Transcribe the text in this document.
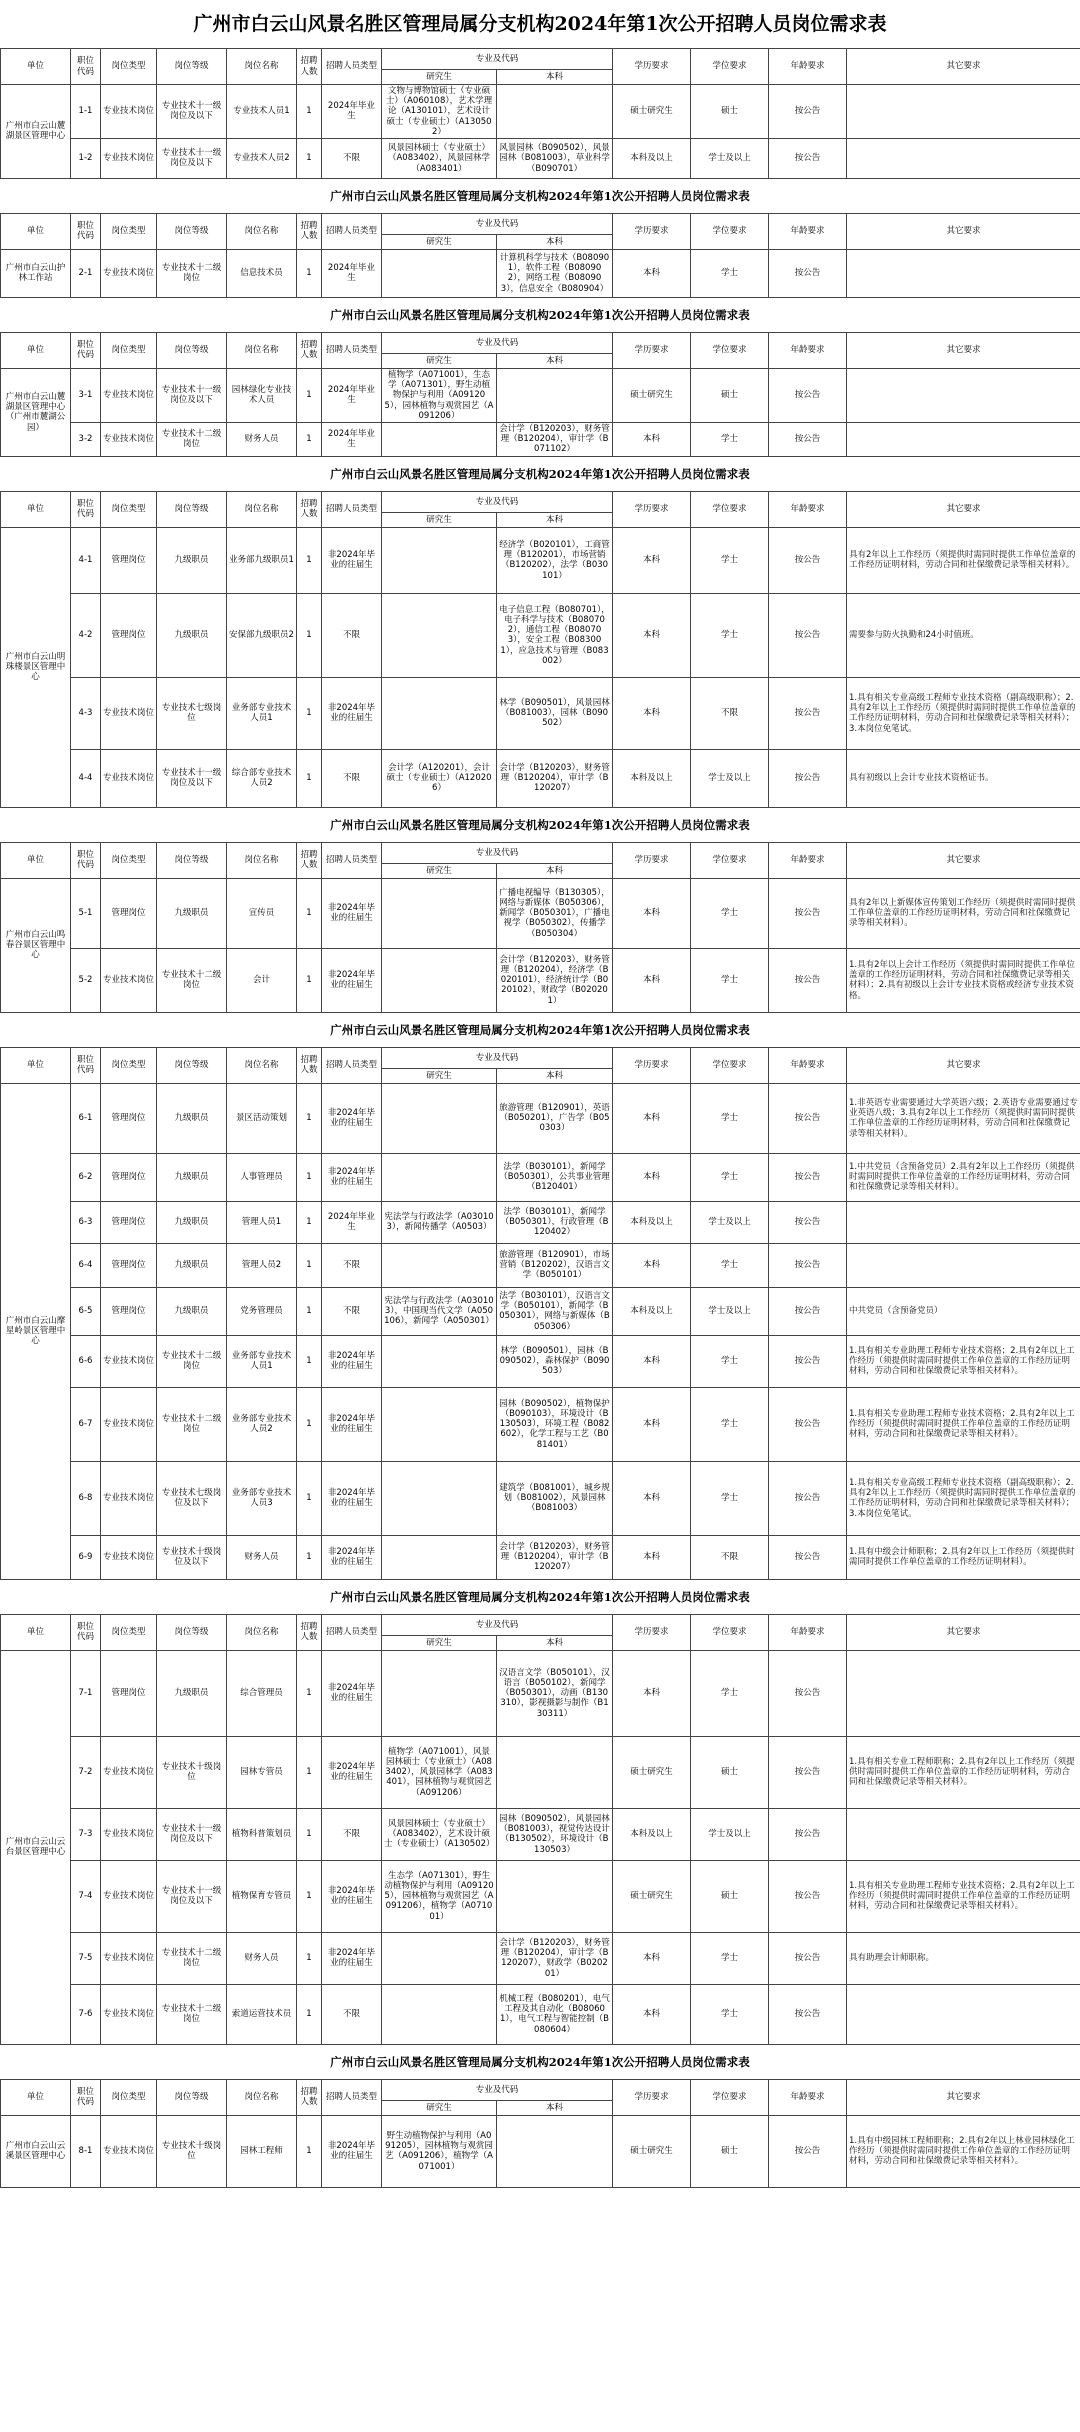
广州市白云山风景名胜区管理局属分支机构2024年第1次公开招聘人员岗位需求表
单位	职位代码	岗位类型	岗位等级	岗位名称	招聘人数	招聘人员类型	专业及代码		学历要求	学位要求	年龄要求	其它要求
							研究生	本科				
广州市白云山麓湖景区管理中心	1-1	专业技术岗位	专业技术十一级岗位及以下	专业技术人员1	1	2024年毕业生	文物与博物馆硕士（专业硕士）（A060108），艺术学理论（A130101），艺术设计硕士（专业硕士）（A130502）		硕士研究生	硕士	按公告	
	1-2	专业技术岗位	专业技术十一级岗位及以下	专业技术人员2	1	不限	风景园林硕士（专业硕士）（A083402），风景园林学（A083401）	风景园林（B090502），风景园林（B081003），草业科学（B090701）	本科及以上	学士及以上	按公告	
广州市白云山风景名胜区管理局属分支机构2024年第1次公开招聘人员岗位需求表
单位	职位代码	岗位类型	岗位等级	岗位名称	招聘人数	招聘人员类型	专业及代码		学历要求	学位要求	年龄要求	其它要求
							研究生	本科				
广州市白云山护林工作站	2-1	专业技术岗位	专业技术十二级岗位	信息技术员	1	2024年毕业生		计算机科学与技术（B080901），软件工程（B080902），网络工程（B080903），信息安全（B080904）	本科	学士	按公告	
广州市白云山风景名胜区管理局属分支机构2024年第1次公开招聘人员岗位需求表
单位	职位代码	岗位类型	岗位等级	岗位名称	招聘人数	招聘人员类型	专业及代码		学历要求	学位要求	年龄要求	其它要求
							研究生	本科				
广州市白云山麓湖景区管理中心（广州市麓湖公园）	3-1	专业技术岗位	专业技术十一级岗位及以下	园林绿化专业技术人员	1	2024年毕业生	植物学（A071001），生态学（A071301），野生动植物保护与利用（A091205），园林植物与观赏园艺（A091206）		硕士研究生	硕士	按公告	
	3-2	专业技术岗位	专业技术十二级岗位	财务人员	1	2024年毕业生		会计学（B120203），财务管理（B120204），审计学（B071102）	本科	学士	按公告	
广州市白云山风景名胜区管理局属分支机构2024年第1次公开招聘人员岗位需求表
单位	职位代码	岗位类型	岗位等级	岗位名称	招聘人数	招聘人员类型	专业及代码		学历要求	学位要求	年龄要求	其它要求
							研究生	本科				
广州市白云山明珠楼景区管理中心	4-1	管理岗位	九级职员	业务部九级职员1	1	非2024年毕业的往届生		经济学（B020101），工商管理（B120201），市场营销（B120202），法学（B030101）	本科	学士	按公告	具有2年以上工作经历（须提供时需同时提供工作单位盖章的工作经历证明材料，劳动合同和社保缴费记录等相关材料）。
	4-2	管理岗位	九级职员	安保部九级职员2	1	不限		电子信息工程（B080701），电子科学与技术（B080702），通信工程（B080703），安全工程（B083001），应急技术与管理（B083002）	本科	学士	按公告	需要参与防火执勤和24小时值班。
	4-3	专业技术岗位	专业技术七级岗位	业务部专业技术人员1	1	非2024年毕业的往届生		林学（B090501），风景园林（B081003），园林（B090502）	本科	不限	按公告	1.具有相关专业高级工程师专业技术资格（副高级职称）；2.具有2年以上工作经历（须提供时需同时提供工作单位盖章的工作经历证明材料，劳动合同和社保缴费记录等相关材料）；3.本岗位免笔试。
	4-4	专业技术岗位	专业技术十一级岗位及以下	综合部专业技术人员2	1	不限	会计学（A120201），会计硕士（专业硕士）（A120206）	会计学（B120203），财务管理（B120204），审计学（B120207）	本科及以上	学士及以上	按公告	具有初级以上会计专业技术资格证书。
广州市白云山风景名胜区管理局属分支机构2024年第1次公开招聘人员岗位需求表
单位	职位代码	岗位类型	岗位等级	岗位名称	招聘人数	招聘人员类型	专业及代码		学历要求	学位要求	年龄要求	其它要求
							研究生	本科				
广州市白云山鸣春谷景区管理中心	5-1	管理岗位	九级职员	宣传员	1	非2024年毕业的往届生		广播电视编导（B130305），网络与新媒体（B050306），新闻学（B050301），广播电视学（B050302），传播学（B050304）	本科	学士	按公告	具有2年以上新媒体宣传策划工作经历（须提供时需同时提供工作单位盖章的工作经历证明材料，劳动合同和社保缴费记录等相关材料）。
	5-2	专业技术岗位	专业技术十二级岗位	会计	1	非2024年毕业的往届生		会计学（B120203），财务管理（B120204），经济学（B020101），经济统计学（B020102），财政学（B020201）	本科	学士	按公告	1.具有2年以上会计工作经历（须提供时需同时提供工作单位盖章的工作经历证明材料，劳动合同和社保缴费记录等相关材料）；2.具有初级以上会计专业技术资格或经济专业技术资格。
广州市白云山风景名胜区管理局属分支机构2024年第1次公开招聘人员岗位需求表
单位	职位代码	岗位类型	岗位等级	岗位名称	招聘人数	招聘人员类型	专业及代码		学历要求	学位要求	年龄要求	其它要求
							研究生	本科				
广州市白云山摩星岭景区管理中心	6-1	管理岗位	九级职员	景区活动策划	1	非2024年毕业的往届生		旅游管理（B120901），英语（B050201），广告学（B050303）	本科	学士	按公告	1.非英语专业需要通过大学英语六级；2.英语专业需要通过专业英语八级；3.具有2年以上工作经历（须提供时需同时提供工作单位盖章的工作经历证明材料，劳动合同和社保缴费记录等相关材料）。
	6-2	管理岗位	九级职员	人事管理员	1	非2024年毕业的往届生		法学（B030101），新闻学（B050301），公共事业管理（B120401）	本科	学士	按公告	1.中共党员（含预备党员）2.具有2年以上工作经历（须提供时需同时提供工作单位盖章的工作经历证明材料，劳动合同和社保缴费记录等相关材料）。
	6-3	管理岗位	九级职员	管理人员1	1	2024年毕业生	宪法学与行政法学（A030103），新闻传播学（A0503）	法学（B030101），新闻学（B050301），行政管理（B120402）	本科及以上	学士及以上	按公告	
	6-4	管理岗位	九级职员	管理人员2	1	不限		旅游管理（B120901），市场营销（B120202），汉语言文学（B050101）	本科	学士	按公告	
	6-5	管理岗位	九级职员	党务管理员	1	不限	宪法学与行政法学（A030103），中国现当代文学（A050106），新闻学（A050301）	法学（B030101），汉语言文学（B050101），新闻学（B050301），网络与新媒体（B050306）	本科及以上	学士及以上	按公告	中共党员（含预备党员）
	6-6	专业技术岗位	专业技术十二级岗位	业务部专业技术人员1	1	非2024年毕业的往届生		林学（B090501），园林（B090502），森林保护（B090503）	本科	学士	按公告	1.具有相关专业助理工程师专业技术资格；2.具有2年以上工作经历（须提供时需同时提供工作单位盖章的工作经历证明材料，劳动合同和社保缴费记录等相关材料）。
	6-7	专业技术岗位	专业技术十二级岗位	业务部专业技术人员2	1	非2024年毕业的往届生		园林（B090502），植物保护（B090103），环境设计（B130503），环境工程（B082602），化学工程与工艺（B081401）	本科	学士	按公告	1.具有相关专业助理工程师专业技术资格；2.具有2年以上工作经历（须提供时需同时提供工作单位盖章的工作经历证明材料，劳动合同和社保缴费记录等相关材料）。
	6-8	专业技术岗位	专业技术七级岗位及以下	业务部专业技术人员3	1	非2024年毕业的往届生		建筑学（B081001），城乡规划（B081002），风景园林（B081003）	本科	学士	按公告	1.具有相关专业高级工程师专业技术资格（副高级职称）；2.具有2年以上工作经历（须提供时需同时提供工作单位盖章的工作经历证明材料，劳动合同和社保缴费记录等相关材料）；3.本岗位免笔试。
	6-9	专业技术岗位	专业技术十级岗位及以下	财务人员	1	非2024年毕业的往届生		会计学（B120203），财务管理（B120204），审计学（B120207）	本科	不限	按公告	1.具有中级会计师职称；2.具有2年以上工作经历（须提供时需同时提供工作单位盖章的工作经历证明材料）。
广州市白云山风景名胜区管理局属分支机构2024年第1次公开招聘人员岗位需求表
单位	职位代码	岗位类型	岗位等级	岗位名称	招聘人数	招聘人员类型	专业及代码		学历要求	学位要求	年龄要求	其它要求
							研究生	本科				
广州市白云山云台景区管理中心	7-1	管理岗位	九级职员	综合管理员	1	非2024年毕业的往届生		汉语言文学（B050101），汉语言（B050102），新闻学（B050301），动画（B130310），影视摄影与制作（B130311）	本科	学士	按公告	
	7-2	专业技术岗位	专业技术十级岗位	园林专管员	1	非2024年毕业的往届生	植物学（A071001），风景园林硕士（专业硕士）（A083402），风景园林学（A083401），园林植物与观赏园艺（A091206）		硕士研究生	硕士	按公告	1.具有相关专业工程师职称；2.具有2年以上工作经历（须提供时需同时提供工作单位盖章的工作经历证明材料，劳动合同和社保缴费记录等相关材料）。
	7-3	专业技术岗位	专业技术十一级岗位及以下	植物科普策划员	1	不限	风景园林硕士（专业硕士）（A083402），艺术设计硕士（专业硕士）（A130502）	园林（B090502），风景园林（B081003），视觉传达设计（B130502），环境设计（B130503）	本科及以上	学士及以上	按公告	
	7-4	专业技术岗位	专业技术十一级岗位及以下	植物保育专管员	1	非2024年毕业的往届生	生态学（A071301），野生动植物保护与利用（A091205），园林植物与观赏园艺（A091206），植物学（A071001）		硕士研究生	硕士	按公告	1.具有相关专业助理工程师专业技术资格；2.具有2年以上工作经历（须提供时需同时提供工作单位盖章的工作经历证明材料，劳动合同和社保缴费记录等相关材料）。
	7-5	专业技术岗位	专业技术十二级岗位	财务人员	1	非2024年毕业的往届生		会计学（B120203），财务管理（B120204），审计学（B120207），财政学（B020201）	本科	学士	按公告	具有助理会计师职称。
	7-6	专业技术岗位	专业技术十二级岗位	索道运营技术员	1	不限		机械工程（B080201），电气工程及其自动化（B080601），电气工程与智能控制（B080604）	本科	学士	按公告	
广州市白云山风景名胜区管理局属分支机构2024年第1次公开招聘人员岗位需求表
单位	职位代码	岗位类型	岗位等级	岗位名称	招聘人数	招聘人员类型	专业及代码		学历要求	学位要求	年龄要求	其它要求
							研究生	本科				
广州市白云山云溪景区管理中心	8-1	专业技术岗位	专业技术十级岗位	园林工程师	1	非2024年毕业的往届生	野生动植物保护与利用（A091205），园林植物与观赏园艺（A091206），植物学（A071001）		硕士研究生	硕士	按公告	1.具有中级园林工程师职称；2.具有2年以上林业园林绿化工作经历（须提供时需同时提供工作单位盖章的工作经历证明材料，劳动合同和社保缴费记录等相关材料）。
